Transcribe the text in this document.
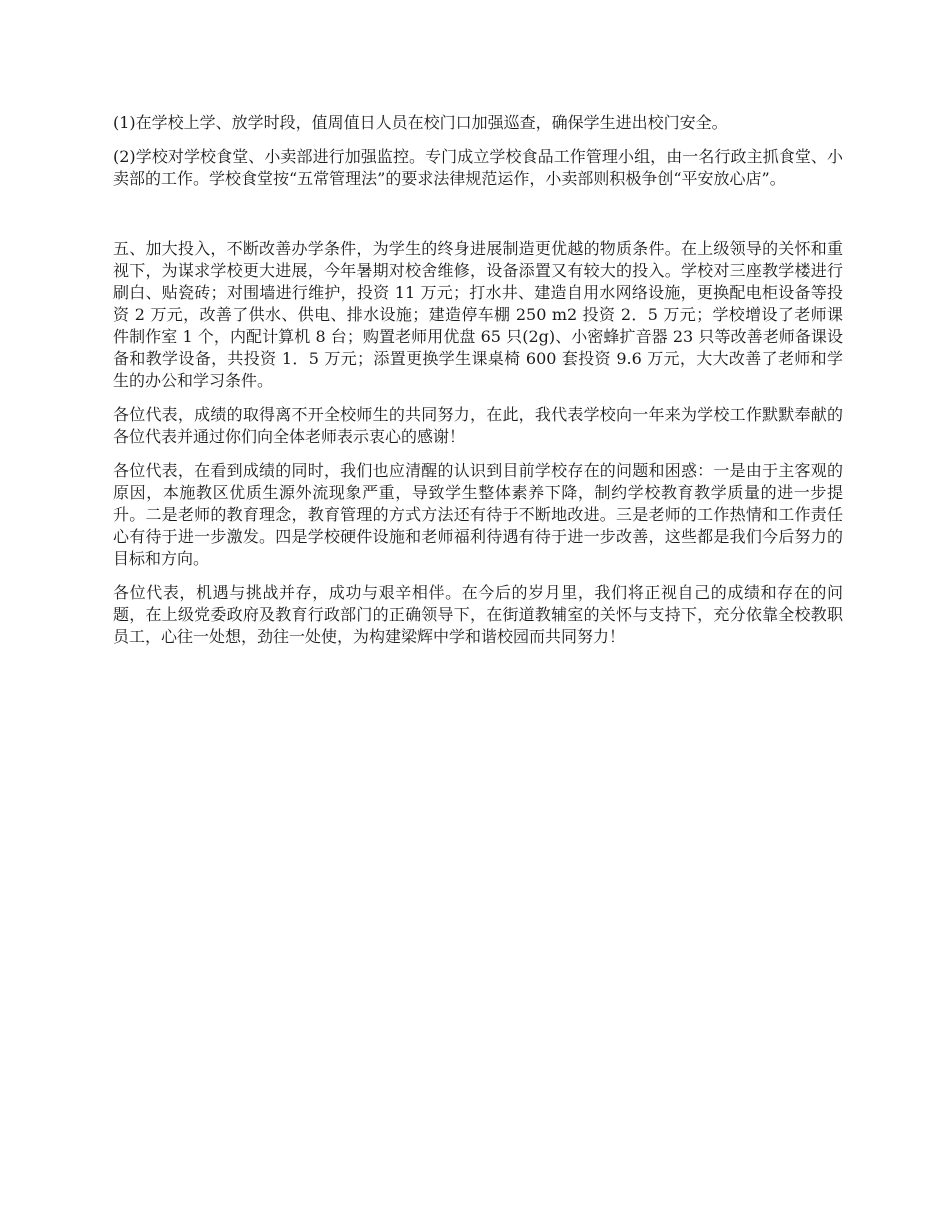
(1)在学校上学、放学时段，值周值日人员在校门口加强巡查，确保学生进出校门安全。

(2)学校对学校食堂、小卖部进行加强监控。专门成立学校食品工作管理小组，由一名行政主抓食堂、小卖部的工作。学校食堂按“五常管理法”的要求法律规范运作，小卖部则积极争创“平安放心店”。

五、加大投入，不断改善办学条件，为学生的终身进展制造更优越的物质条件。在上级领导的关怀和重视下，为谋求学校更大进展，今年暑期对校舍维修，设备添置又有较大的投入。学校对三座教学楼进行刷白、贴瓷砖；对围墙进行维护，投资 11 万元；打水井、建造自用水网络设施，更换配电柜设备等投资 2 万元，改善了供水、供电、排水设施；建造停车棚 250 m2 投资 2．5 万元；学校增设了老师课件制作室 1 个，内配计算机 8 台；购置老师用优盘 65 只(2g)、小密蜂扩音器 23 只等改善老师备课设备和教学设备，共投资 1．5 万元；添置更换学生课桌椅 600 套投资 9.6 万元，大大改善了老师和学生的办公和学习条件。

各位代表，成绩的取得离不开全校师生的共同努力，在此，我代表学校向一年来为学校工作默默奉献的各位代表并通过你们向全体老师表示衷心的感谢！

各位代表，在看到成绩的同时，我们也应清醒的认识到目前学校存在的问题和困惑：一是由于主客观的原因，本施教区优质生源外流现象严重，导致学生整体素养下降，制约学校教育教学质量的进一步提升。二是老师的教育理念，教育管理的方式方法还有待于不断地改进。三是老师的工作热情和工作责任心有待于进一步激发。四是学校硬件设施和老师福利待遇有待于进一步改善，这些都是我们今后努力的目标和方向。

各位代表，机遇与挑战并存，成功与艰辛相伴。在今后的岁月里，我们将正视自己的成绩和存在的问题，在上级党委政府及教育行政部门的正确领导下，在街道教辅室的关怀与支持下，充分依靠全校教职员工，心往一处想，劲往一处使，为构建梁辉中学和谐校园而共同努力！
